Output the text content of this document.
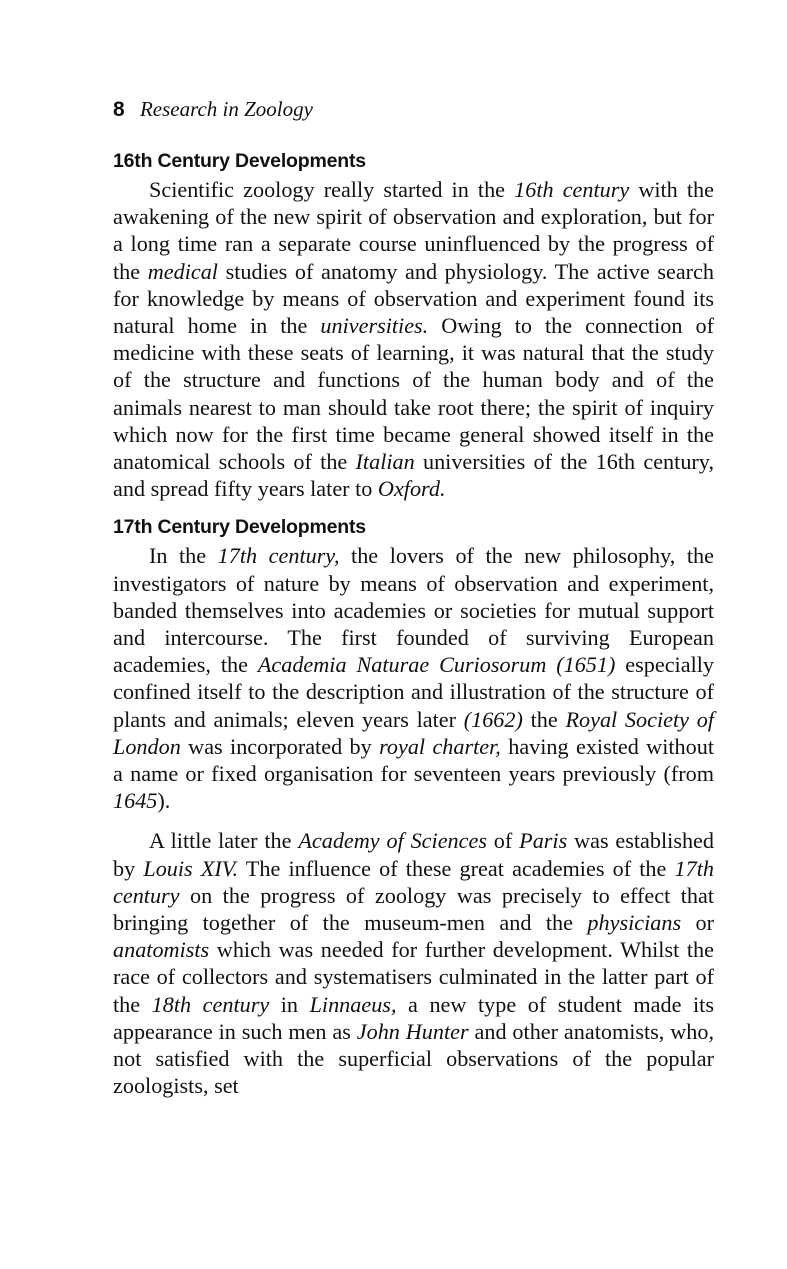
8 Research in Zoology
16th Century Developments

Scientific zoology really started in the 16th century with the awakening of the new spirit of observation and exploration, but for a long time ran a separate course uninfluenced by the progress of the medical studies of anatomy and physiology. The active search for knowledge by means of observation and experiment found its natural home in the universities. Owing to the connection of medicine with these seats of learning, it was natural that the study of the structure and functions of the human body and of the animals nearest to man should take root there; the spirit of inquiry which now for the first time became general showed itself in the anatomical schools of the Italian universities of the 16th century, and spread fifty years later to Oxford.

17th Century Developments

In the 17th century, the lovers of the new philosophy, the investigators of nature by means of observation and experiment, banded themselves into academies or societies for mutual support and intercourse. The first founded of surviving European academies, the Academia Naturae Curiosorum (1651) especially confined itself to the description and illustration of the structure of plants and animals; eleven years later (1662) the Royal Society of London was incorporated by royal charter, having existed without a name or fixed organisation for seventeen years previously (from 1645).

A little later the Academy of Sciences of Paris was established by Louis XIV. The influence of these great academies of the 17th century on the progress of zoology was precisely to effect that bringing together of the museum-men and the physicians or anatomists which was needed for further development. Whilst the race of collectors and systematisers culminated in the latter part of the 18th century in Linnaeus, a new type of student made its appearance in such men as John Hunter and other anatomists, who, not satisfied with the superficial observations of the popular zoologists, set
